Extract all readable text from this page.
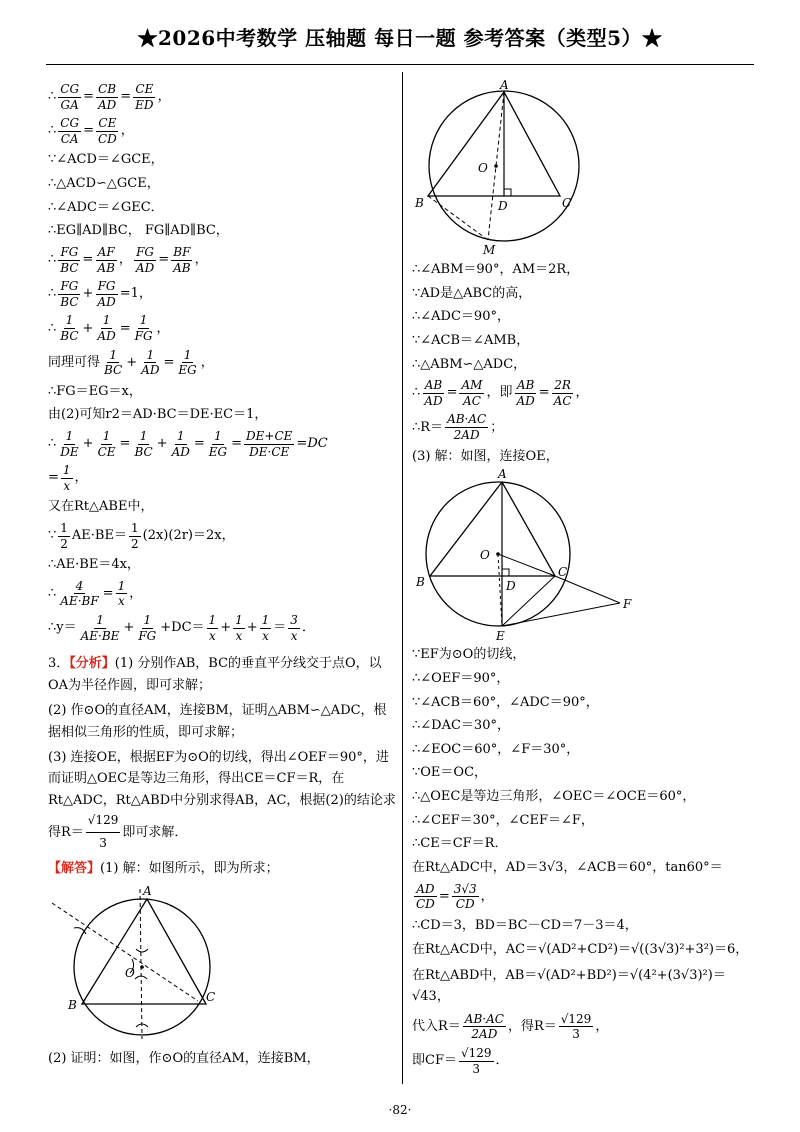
★2026中考数学 压轴题 每日一题 参考答案（类型5）★
∴ $\frac{CG}{GA} = \frac{CB}{AD} = \frac{CE}{ED}$ ，
∴ $\frac{CG}{CA} = \frac{CE}{CD}$ ，
∵∠ACD＝∠GCE，
∴△ACD∽△GCE，
∴∠ADC＝∠GEC．
∴EG∥AD∥BC， FG∥AD∥BC，
∴ $\frac{FG}{BC} = \frac{AF}{AB}$ ， $\frac{FG}{AD} = \frac{BF}{AB}$ ，
∴ $\frac{FG}{BC} + \frac{FG}{AD} =1$，
∴ $\frac{1}{BC} + \frac{1}{AD} = \frac{1}{FG}$ ，
同理可得 $\frac{1}{BC} + \frac{1}{AD} = \frac{1}{EG}$ ，
∴FG＝EG＝x，
由(2)可知r2＝AD·BC＝DE·EC＝1，
∴ $\frac{1}{DE} + \frac{1}{CE} = \frac{1}{BC} + \frac{1}{AD} = \frac{1}{EG} = \frac{DE+CE}{DE\cdot CE} =DC$
= $\frac{1}{x}$ ，
又在Rt△ABE中，
∵ $\frac{1}{2} AE\cdot BE= \frac{1}{2} (2x)(2r)=2x$，
∴AE·BE＝4x，
∴ $\frac{4}{AE\cdot BF} = \frac{1}{x}$ ，
∴y＝ $\frac{1}{AE\cdot BE} + \frac{1}{FG} +DC= \frac{1}{x} + \frac{1}{x} + \frac{1}{x} = \frac{3}{x}$ ．
3．【分析】(1) 分别作AB，BC的垂直平分线交于点O，以OA为半径作圆，即可求解；
(2) 作⊙O的直径AM，连接BM，证明△ABM∽△ADC，根据相似三角形的性质，即可求解；
(3) 连接OE，根据EF为⊙O的切线，得出∠OEF＝90°，进而证明△OEC是等边三角形，得出CE＝CF＝R，在Rt△ADC，Rt△ABD中分别求得AB，AC，根据(2)的结论求得$R= \frac{√129}{3}$ 即可求解．
【解答】 (1) 解：如图所示，即为所求；
A
B
C
O
(2) 证明：如图，作⊙O的直径AM，连接BM，
A
B	C
D
O
M
∴∠ABM＝90°，AM＝2R，
∵AD是△ABC的高，
∴∠ADC＝90°，
∵∠ACB＝∠AMB，
∴△ABM∽△ADC，
∴ $\frac{AB}{AD} = \frac{AM}{AC}$ ，即 $\frac{AB}{AD} = \frac{2R}{AC}$ ，
∴R＝ $\frac{AB\cdot AC}{2AD}$ ；
(3) 解：如图，连接OE，
A
B
C
D
O
E
F
∵EF为⊙O的切线，
∴∠OEF＝90°，
∵∠ACB＝60°，∠ADC＝90°，
∴∠DAC＝30°，
∴∠EOC＝60°，∠F＝30°，
∵OE＝OC，
∴△OEC是等边三角形，∠OEC＝∠OCE＝60°，
∴∠CEF＝30°，∠CEF＝∠F，
∴CE＝CF＝R．
在Rt△ADC中，AD＝3√3，∠ACB＝60°，tan60°＝
$\frac{AD}{CD} = \frac{3√3}{CD}$ ，
∴CD＝3，BD＝BC－CD＝7－3＝4，
在Rt△ACD中，AC＝√(AD²+CD²)＝√((3√3)²+3²)＝6，
在Rt△ABD中，AB＝√(AD²+BD²)＝√(4²+(3√3)²)＝√43，
代入$R= \frac{AB\cdot AC}{2AD}$ ，得$R= \frac{√129}{3}$ ，
即$CF= \frac{√129}{3}$ ．
·82·
